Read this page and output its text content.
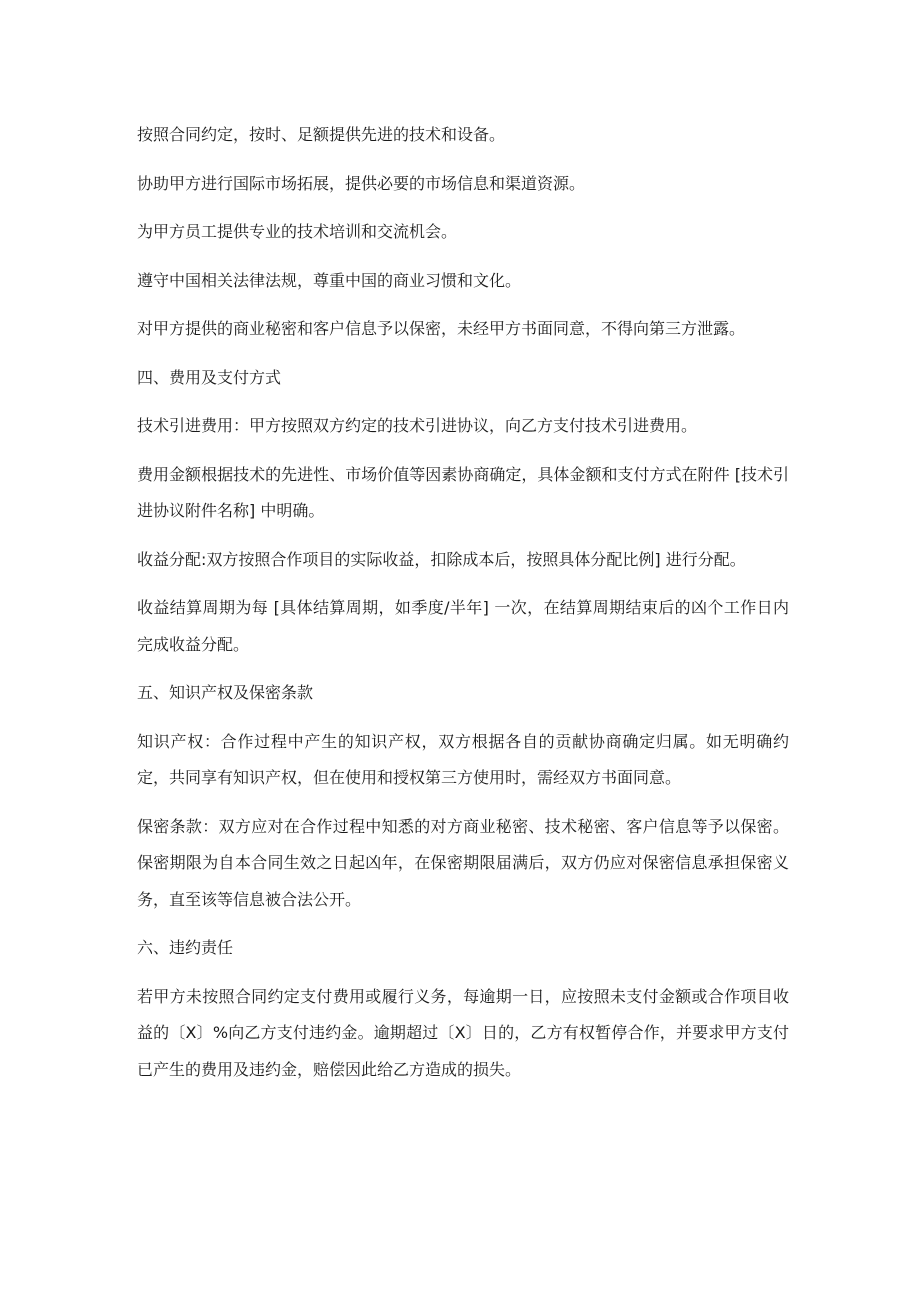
按照合同约定，按时、足额提供先进的技术和设备。

协助甲方进行国际市场拓展，提供必要的市场信息和渠道资源。

为甲方员工提供专业的技术培训和交流机会。

遵守中国相关法律法规，尊重中国的商业习惯和文化。

对甲方提供的商业秘密和客户信息予以保密，未经甲方书面同意，不得向第三方泄露。

四、费用及支付方式

技术引进费用：甲方按照双方约定的技术引进协议，向乙方支付技术引进费用。

费用金额根据技术的先进性、市场价值等因素协商确定，具体金额和支付方式在附件 [技术引进协议附件名称] 中明确。

收益分配:双方按照合作项目的实际收益，扣除成本后，按照具体分配比例] 进行分配。

收益结算周期为每 [具体结算周期，如季度/半年] 一次，在结算周期结束后的凶个工作日内完成收益分配。

五、知识产权及保密条款

知识产权：合作过程中产生的知识产权，双方根据各自的贡献协商确定归属。如无明确约定，共同享有知识产权，但在使用和授权第三方使用时，需经双方书面同意。

保密条款：双方应对在合作过程中知悉的对方商业秘密、技术秘密、客户信息等予以保密。保密期限为自本合同生效之日起凶年，在保密期限届满后，双方仍应对保密信息承担保密义务，直至该等信息被合法公开。

六、违约责任

若甲方未按照合同约定支付费用或履行义务，每逾期一日，应按照未支付金额或合作项目收益的〔X〕%向乙方支付违约金。逾期超过〔X〕日的，乙方有权暂停合作，并要求甲方支付已产生的费用及违约金，赔偿因此给乙方造成的损失。
